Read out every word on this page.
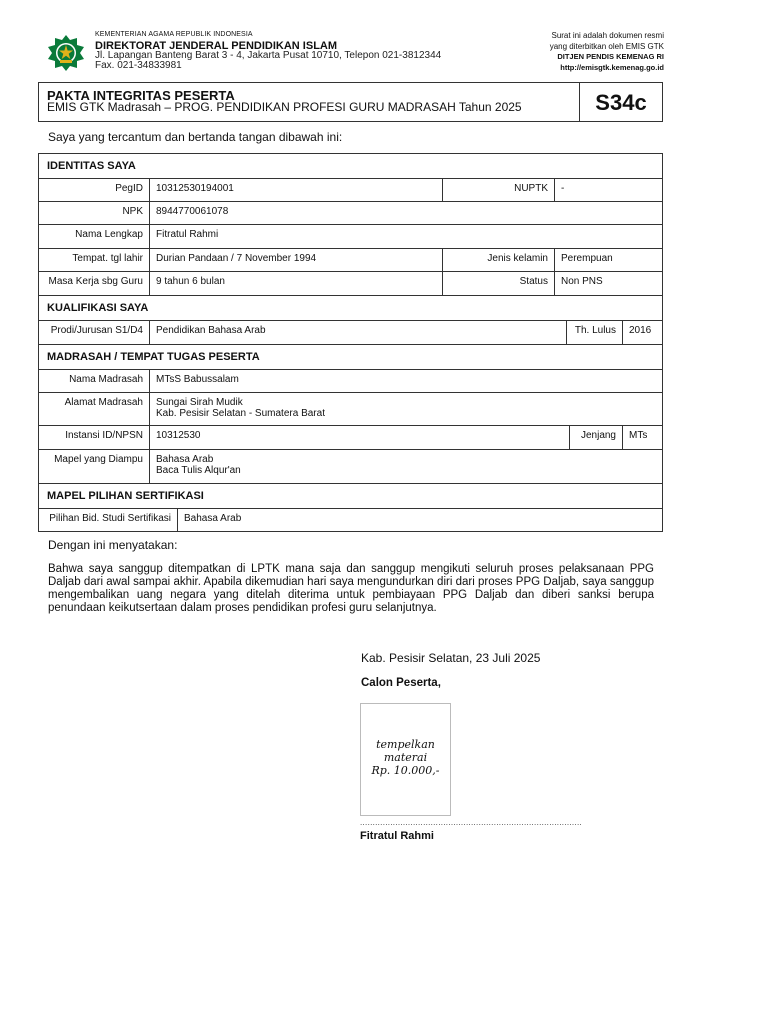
KEMENTERIAN AGAMA REPUBLIK INDONESIA
DIREKTORAT JENDERAL PENDIDIKAN ISLAM
Jl. Lapangan Banteng Barat 3 - 4, Jakarta Pusat 10710, Telepon 021-3812344
Fax. 021-34833981
Surat ini adalah dokumen resmi
yang diterbitkan oleh EMIS GTK
DITJEN PENDIS KEMENAG RI
http://emisgtk.kemenag.go.id
PAKTA INTEGRITAS PESERTA
EMIS GTK Madrasah – PROG. PENDIDIKAN PROFESI GURU MADRASAH Tahun 2025	S34c
Saya yang tercantum dan bertanda tangan dibawah ini:
IDENTITAS SAYA
PegID 10312530194001	NUPTK -
NPK 8944770061078
Nama Lengkap Fitratul Rahmi
Tempat. tgl lahir Durian Pandaan / 7 November 1994	Jenis kelamin Perempuan
Masa Kerja sbg Guru 9 tahun 6 bulan	Status Non PNS
KUALIFIKASI SAYA
Prodi/Jurusan S1/D4 Pendidikan Bahasa Arab	Th. Lulus 2016
MADRASAH / TEMPAT TUGAS PESERTA
Nama Madrasah MTsS Babussalam
Alamat Madrasah Sungai Sirah Mudik
Kab. Pesisir Selatan - Sumatera Barat
Instansi ID/NPSN 10312530	Jenjang MTs
Mapel yang Diampu Bahasa Arab
Baca Tulis Alqur'an
MAPEL PILIHAN SERTIFIKASI
Pilihan Bid. Studi Sertifikasi Bahasa Arab
Dengan ini menyatakan:
Bahwa saya sanggup ditempatkan di LPTK mana saja dan sanggup mengikuti seluruh proses pelaksanaan PPG Daljab dari awal sampai akhir. Apabila dikemudian hari saya mengundurkan diri dari proses PPG Daljab, saya sanggup mengembalikan uang negara yang ditelah diterima untuk pembiayaan PPG Daljab dan diberi sanksi berupa penundaan keikutsertaan dalam proses pendidikan profesi guru selanjutnya.
Kab. Pesisir Selatan, 23 Juli 2025
Calon Peserta,
tempelkan
materai
Rp. 10.000,-
........................................................................................
Fitratul Rahmi
